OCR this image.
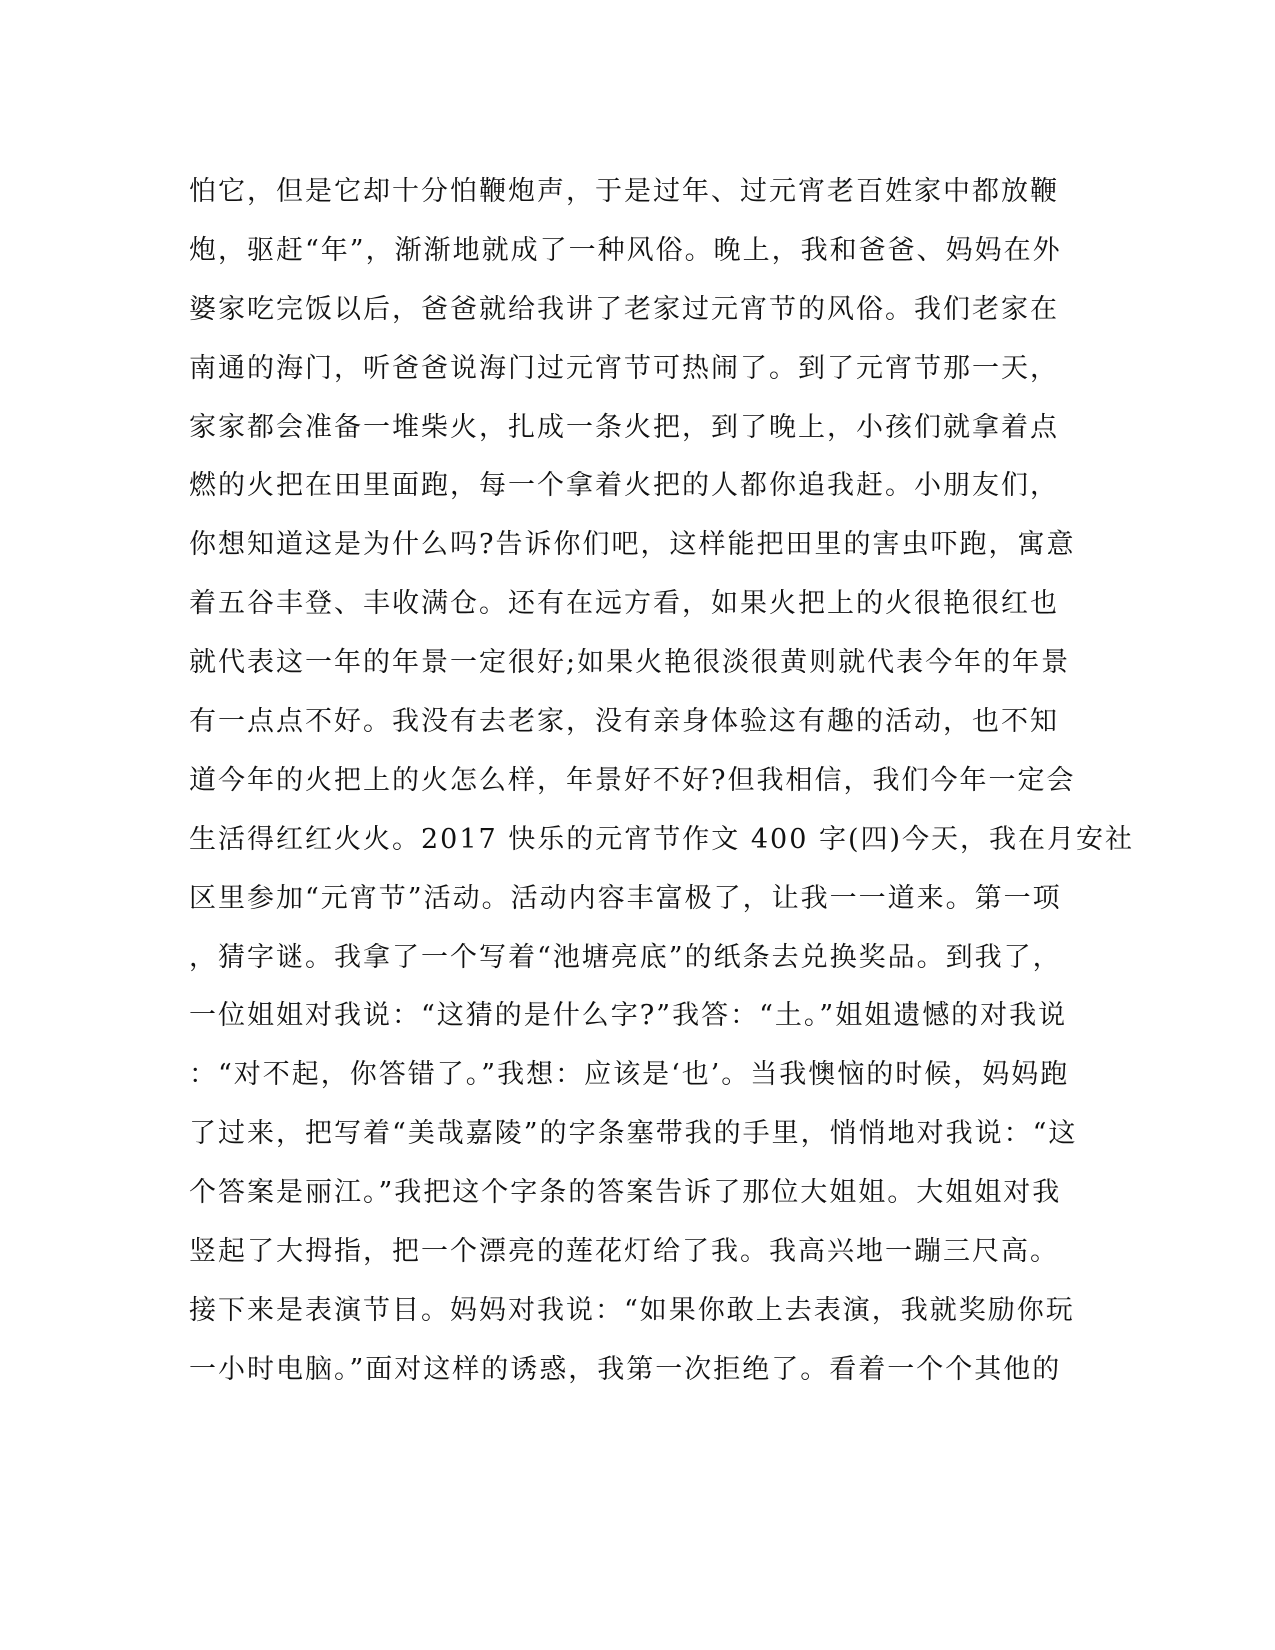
怕它，但是它却十分怕鞭炮声，于是过年、过元宵老百姓家中都放鞭
炮，驱赶“年”，渐渐地就成了一种风俗。晚上，我和爸爸、妈妈在外
婆家吃完饭以后，爸爸就给我讲了老家过元宵节的风俗。我们老家在
南通的海门，听爸爸说海门过元宵节可热闹了。到了元宵节那一天，
家家都会准备一堆柴火，扎成一条火把，到了晚上，小孩们就拿着点
燃的火把在田里面跑，每一个拿着火把的人都你追我赶。小朋友们，
你想知道这是为什么吗?告诉你们吧，这样能把田里的害虫吓跑，寓意
着五谷丰登、丰收满仓。还有在远方看，如果火把上的火很艳很红也
就代表这一年的年景一定很好;如果火艳很淡很黄则就代表今年的年景
有一点点不好。我没有去老家，没有亲身体验这有趣的活动，也不知
道今年的火把上的火怎么样，年景好不好?但我相信，我们今年一定会
生活得红红火火。2017 快乐的元宵节作文 400 字(四)今天，我在月安社
区里参加“元宵节”活动。活动内容丰富极了，让我一一道来。第一项
，猜字谜。我拿了一个写着“池塘亮底”的纸条去兑换奖品。到我了，
一位姐姐对我说：“这猜的是什么字?”我答：“土。”姐姐遗憾的对我说
：“对不起，你答错了。”我想：应该是‘也’。当我懊恼的时候，妈妈跑
了过来，把写着“美哉嘉陵”的字条塞带我的手里，悄悄地对我说：“这
个答案是丽江。”我把这个字条的答案告诉了那位大姐姐。大姐姐对我
竖起了大拇指，把一个漂亮的莲花灯给了我。我高兴地一蹦三尺高。
接下来是表演节目。妈妈对我说：“如果你敢上去表演，我就奖励你玩
一小时电脑。”面对这样的诱惑，我第一次拒绝了。看着一个个其他的
